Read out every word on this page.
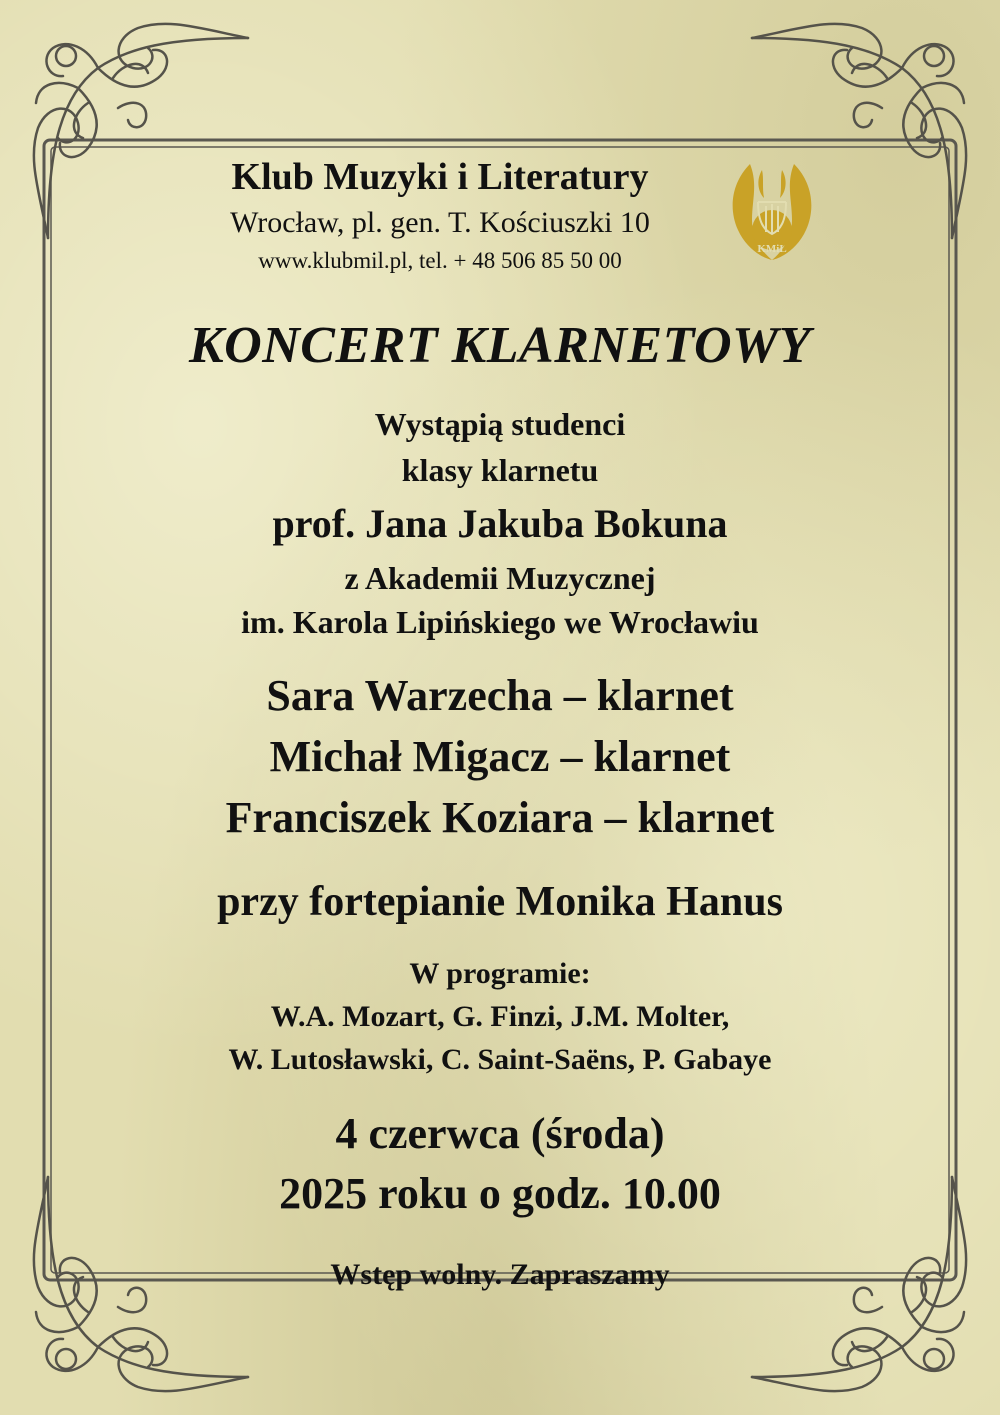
Klub Muzyki i Literatury
Wrocław, pl. gen. T. Kościuszki 10
www.klubmil.pl, tel. + 48 506 85 50 00	KMiL
KONCERT KLARNETOWY
Wystąpią studenci
klasy klarnetu
prof. Jana Jakuba Bokuna
z Akademii Muzycznej
im. Karola Lipińskiego we Wrocławiu
Sara Warzecha – klarnet
Michał Migacz – klarnet
Franciszek Koziara – klarnet
przy fortepianie Monika Hanus
W programie:
W.A. Mozart, G. Finzi, J.M. Molter,
W. Lutosławski, C. Saint-Saëns, P. Gabaye
4 czerwca (środa)
2025 roku o godz. 10.00
Wstęp wolny. Zapraszamy
